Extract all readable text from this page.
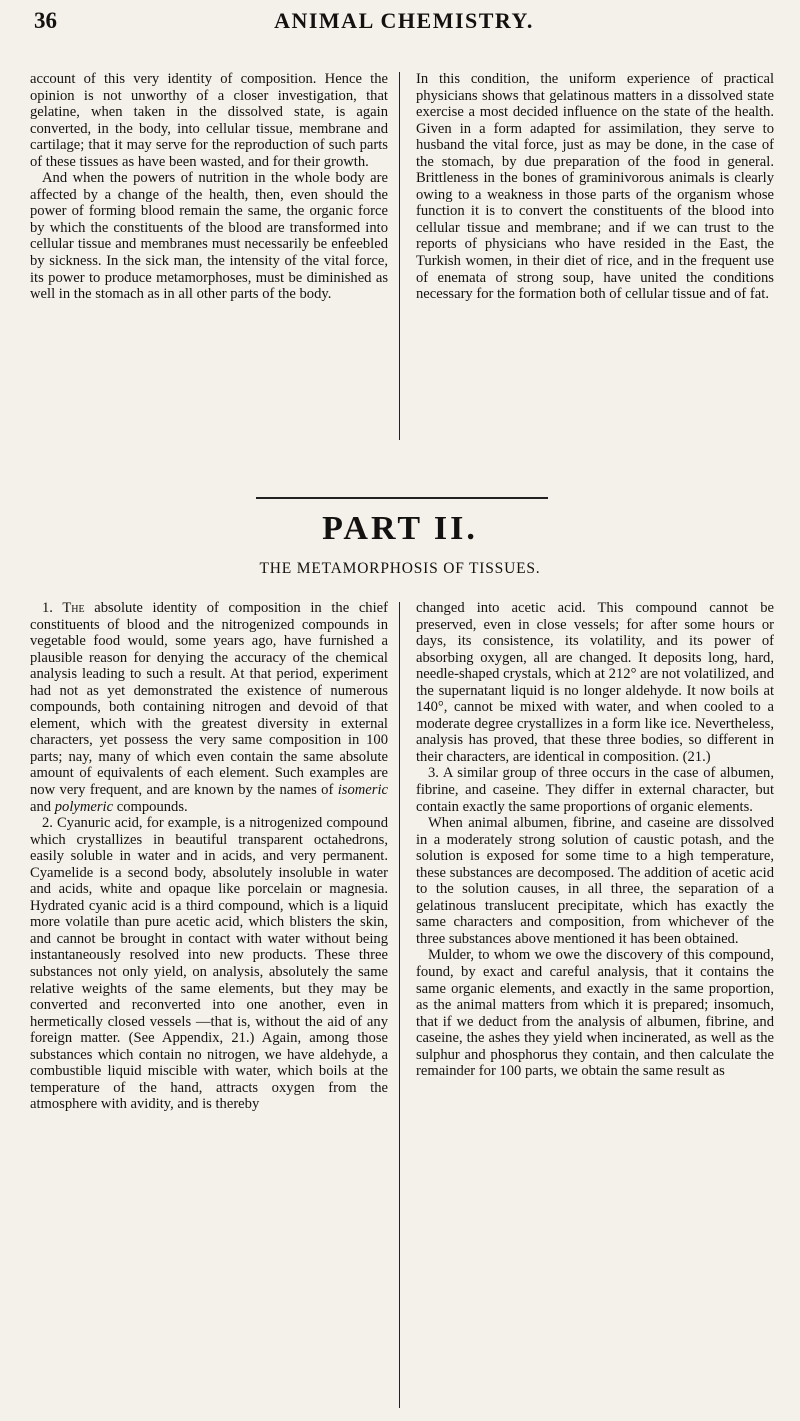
36	ANIMAL CHEMISTRY.

account of this very identity of composition. Hence the opinion is not unworthy of a closer investigation, that gelatine, when taken in the dissolved state, is again converted, in the body, into cellular tissue, membrane and cartilage; that it may serve for the reproduction of such parts of these tissues as have been wasted, and for their growth.

And when the powers of nutrition in the whole body are affected by a change of the health, then, even should the power of forming blood remain the same, the organic force by which the constituents of the blood are transformed into cellular tissue and membranes must necessarily be enfeebled by sickness. In the sick man, the intensity of the vital force, its power to produce metamorphoses, must be diminished as well in the stomach as in all other parts of the body.

In this condition, the uniform experience of practical physicians shows that gelatinous matters in a dissolved state exercise a most decided influence on the state of the health. Given in a form adapted for assimilation, they serve to husband the vital force, just as may be done, in the case of the stomach, by due preparation of the food in general. Brittleness in the bones of graminivorous animals is clearly owing to a weakness in those parts of the organism whose function it is to convert the constituents of the blood into cellular tissue and membrane; and if we can trust to the reports of physicians who have resided in the East, the Turkish women, in their diet of rice, and in the frequent use of enemata of strong soup, have united the conditions necessary for the formation both of cellular tissue and of fat.

PART II.
THE METAMORPHOSIS OF TISSUES.

1. The absolute identity of composition in the chief constituents of blood and the nitrogenized compounds in vegetable food would, some years ago, have furnished a plausible reason for denying the accuracy of the chemical analysis leading to such a result. At that period, experiment had not as yet demonstrated the existence of numerous compounds, both containing nitrogen and devoid of that element, which with the greatest diversity in external characters, yet possess the very same composition in 100 parts; nay, many of which even contain the same absolute amount of equivalents of each element. Such examples are now very frequent, and are known by the names of isomeric and polymeric compounds.

2. Cyanuric acid, for example, is a nitrogenized compound which crystallizes in beautiful transparent octahedrons, easily soluble in water and in acids, and very permanent. Cyamelide is a second body, absolutely insoluble in water and acids, white and opaque like porcelain or magnesia. Hydrated cyanic acid is a third compound, which is a liquid more volatile than pure acetic acid, which blisters the skin, and cannot be brought in contact with water without being instantaneously resolved into new products. These three substances not only yield, on analysis, absolutely the same relative weights of the same elements, but they may be converted and reconverted into one another, even in hermetically closed vessels —that is, without the aid of any foreign matter. (See Appendix, 21.) Again, among those substances which contain no nitrogen, we have aldehyde, a combustible liquid miscible with water, which boils at the temperature of the hand, attracts oxygen from the atmosphere with avidity, and is thereby

changed into acetic acid. This compound cannot be preserved, even in close vessels; for after some hours or days, its consistence, its volatility, and its power of absorbing oxygen, all are changed. It deposits long, hard, needle-shaped crystals, which at 212° are not volatilized, and the supernatant liquid is no longer aldehyde. It now boils at 140°, cannot be mixed with water, and when cooled to a moderate degree crystallizes in a form like ice. Nevertheless, analysis has proved, that these three bodies, so different in their characters, are identical in composition. (21.)

3. A similar group of three occurs in the case of albumen, fibrine, and caseine. They differ in external character, but contain exactly the same proportions of organic elements.

When animal albumen, fibrine, and caseine are dissolved in a moderately strong solution of caustic potash, and the solution is exposed for some time to a high temperature, these substances are decomposed. The addition of acetic acid to the solution causes, in all three, the separation of a gelatinous translucent precipitate, which has exactly the same characters and composition, from whichever of the three substances above mentioned it has been obtained.

Mulder, to whom we owe the discovery of this compound, found, by exact and careful analysis, that it contains the same organic elements, and exactly in the same proportion, as the animal matters from which it is prepared; insomuch, that if we deduct from the analysis of albumen, fibrine, and caseine, the ashes they yield when incinerated, as well as the sulphur and phosphorus they contain, and then calculate the remainder for 100 parts, we obtain the same result as
